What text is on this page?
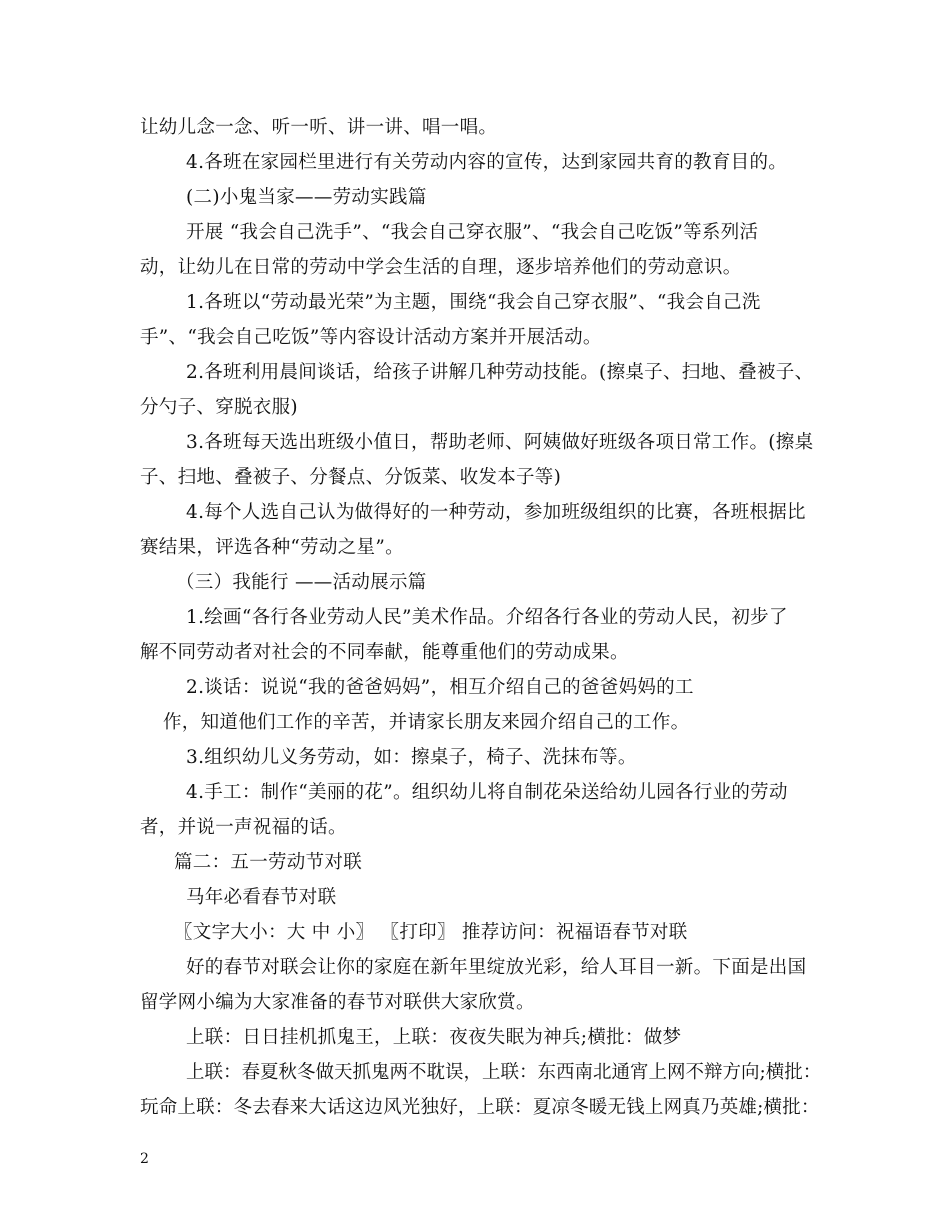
让幼儿念一念、听一听、讲一讲、唱一唱。
4.各班在家园栏里进行有关劳动内容的宣传，达到家园共育的教育目的。
(二)小鬼当家——劳动实践篇
开展 “我会自己洗手”、“我会自己穿衣服”、“我会自己吃饭”等系列活
动，让幼儿在日常的劳动中学会生活的自理，逐步培养他们的劳动意识。
1.各班以“劳动最光荣”为主题，围绕“我会自己穿衣服”、“我会自己洗
手”、“我会自己吃饭”等内容设计活动方案并开展活动。
2.各班利用晨间谈话，给孩子讲解几种劳动技能。(擦桌子、扫地、叠被子、
分勺子、穿脱衣服)
3.各班每天选出班级小值日，帮助老师、阿姨做好班级各项日常工作。(擦桌
子、扫地、叠被子、分餐点、分饭菜、收发本子等)
4.每个人选自己认为做得好的一种劳动，参加班级组织的比赛，各班根据比
赛结果，评选各种“劳动之星”。
（三）我能行 ——活动展示篇
1.绘画“各行各业劳动人民”美术作品。介绍各行各业的劳动人民，初步了
解不同劳动者对社会的不同奉献，能尊重他们的劳动成果。
2.谈话：说说“我的爸爸妈妈”，相互介绍自己的爸爸妈妈的工
作，知道他们工作的辛苦，并请家长朋友来园介绍自己的工作。
3.组织幼儿义务劳动，如：擦桌子，椅子、洗抹布等。
4.手工：制作“美丽的花”。组织幼儿将自制花朵送给幼儿园各行业的劳动
者，并说一声祝福的话。
篇二：五一劳动节对联
马年必看春节对联
〖文字大小：大 中 小〗 〖打印〗 推荐访问：祝福语春节对联
好的春节对联会让你的家庭在新年里绽放光彩，给人耳目一新。下面是出国
留学网小编为大家准备的春节对联供大家欣赏。
上联：日日挂机抓鬼王，上联：夜夜失眠为神兵;横批：做梦
上联：春夏秋冬做天抓鬼两不耽误，上联：东西南北通宵上网不辩方向;横批：
玩命上联：冬去春来大话这边风光独好，上联：夏凉冬暖无钱上网真乃英雄;横批：
2
